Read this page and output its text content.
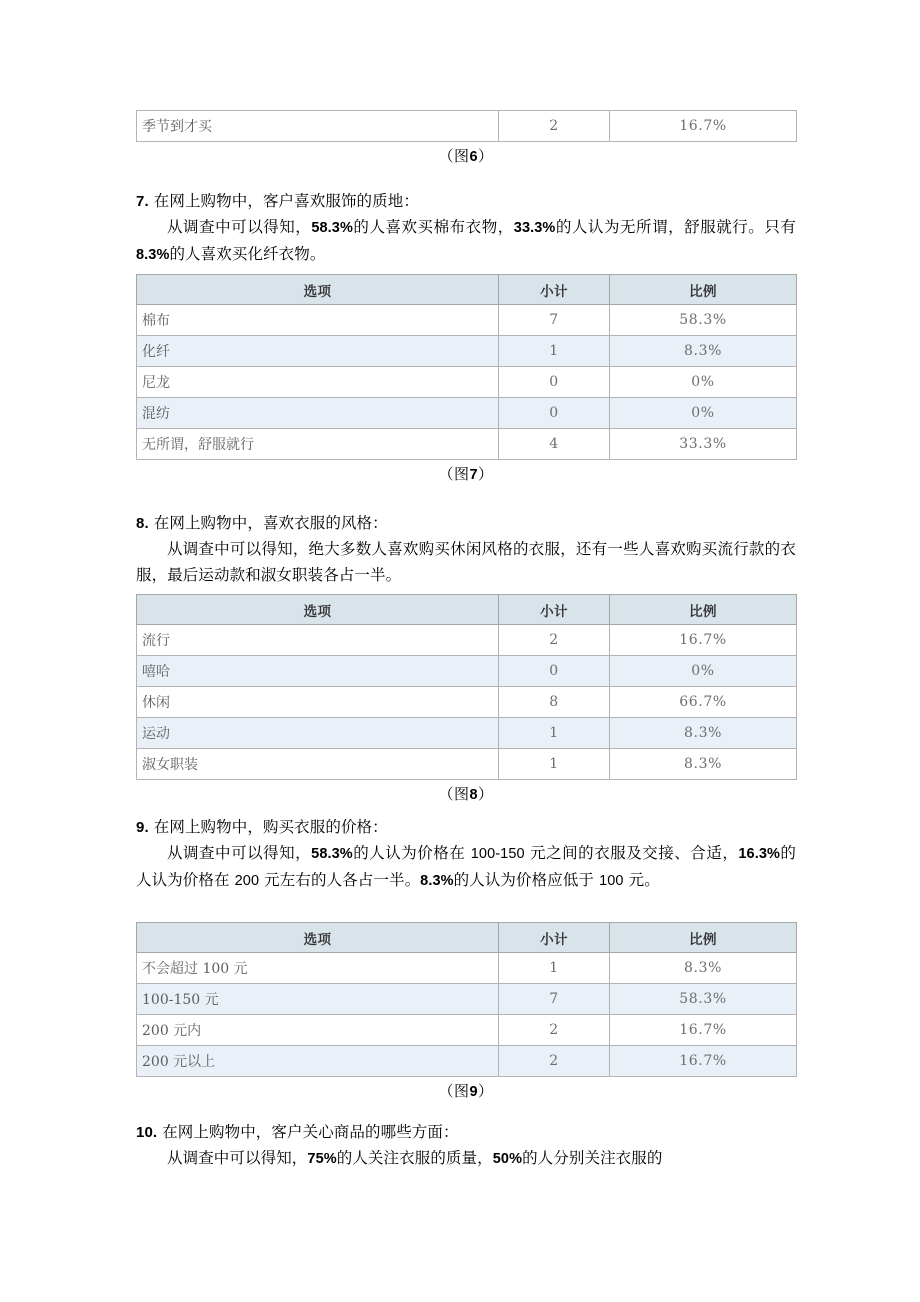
季节到才买	2	16.7%

（图6）

7. 在网上购物中，客户喜欢服饰的质地：

从调查中可以得知，58.3%的人喜欢买棉布衣物，33.3%的人认为无所谓，舒服就行。只有 8.3%的人喜欢买化纤衣物。

选项	小计	比例
棉布	7	58.3%
化纤	1	8.3%
尼龙	0	0%
混纺	0	0%
无所谓，舒服就行	4	33.3%

（图7）

8. 在网上购物中，喜欢衣服的风格：

从调查中可以得知，绝大多数人喜欢购买休闲风格的衣服，还有一些人喜欢购买流行款的衣服，最后运动款和淑女职装各占一半。

选项	小计	比例
流行	2	16.7%
嘻哈	0	0%
休闲	8	66.7%
运动	1	8.3%
淑女职装	1	8.3%

（图8）

9. 在网上购物中，购买衣服的价格：

从调查中可以得知，58.3%的人认为价格在 100-150 元之间的衣服及交接、合适，16.3%的人认为价格在 200 元左右的人各占一半。8.3%的人认为价格应低于 100 元。

选项	小计	比例
不会超过 100 元	1	8.3%
100-150 元	7	58.3%
200 元内	2	16.7%
200 元以上	2	16.7%

（图9）

10. 在网上购物中，客户关心商品的哪些方面：

从调查中可以得知，75%的人关注衣服的质量，50%的人分别关注衣服的
